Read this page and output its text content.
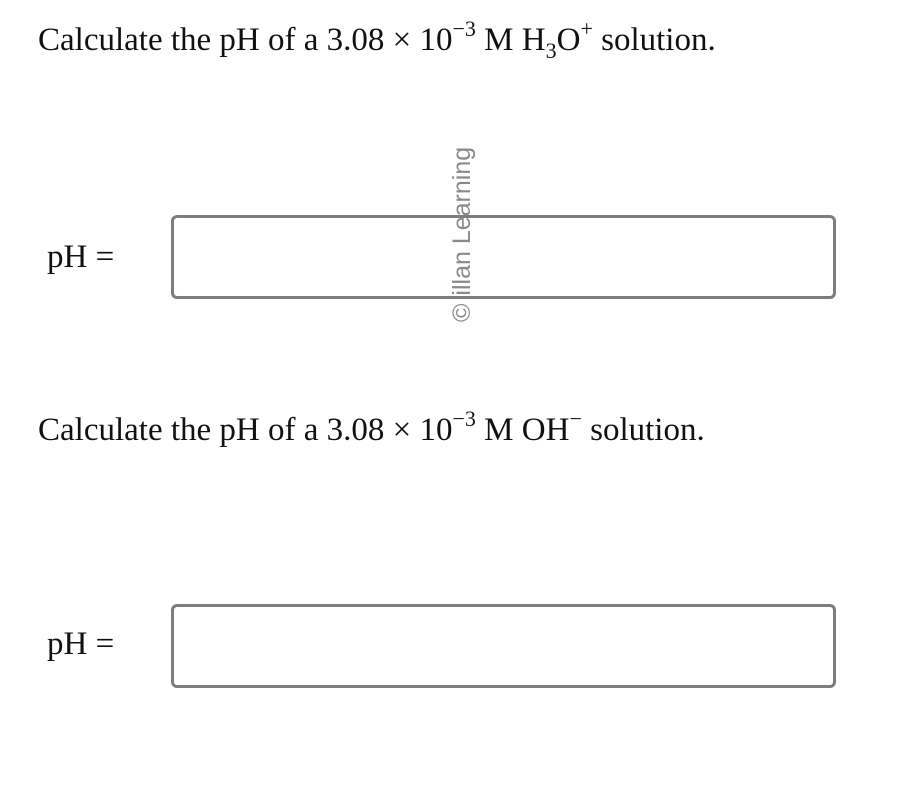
Calculate the pH of a $3.08 \times 10^{-3}$ M $H_3O^+$ solution.
pH =
©illan Learning
Calculate the pH of a $3.08 \times 10^{-3}$ M OH− solution.
pH =
